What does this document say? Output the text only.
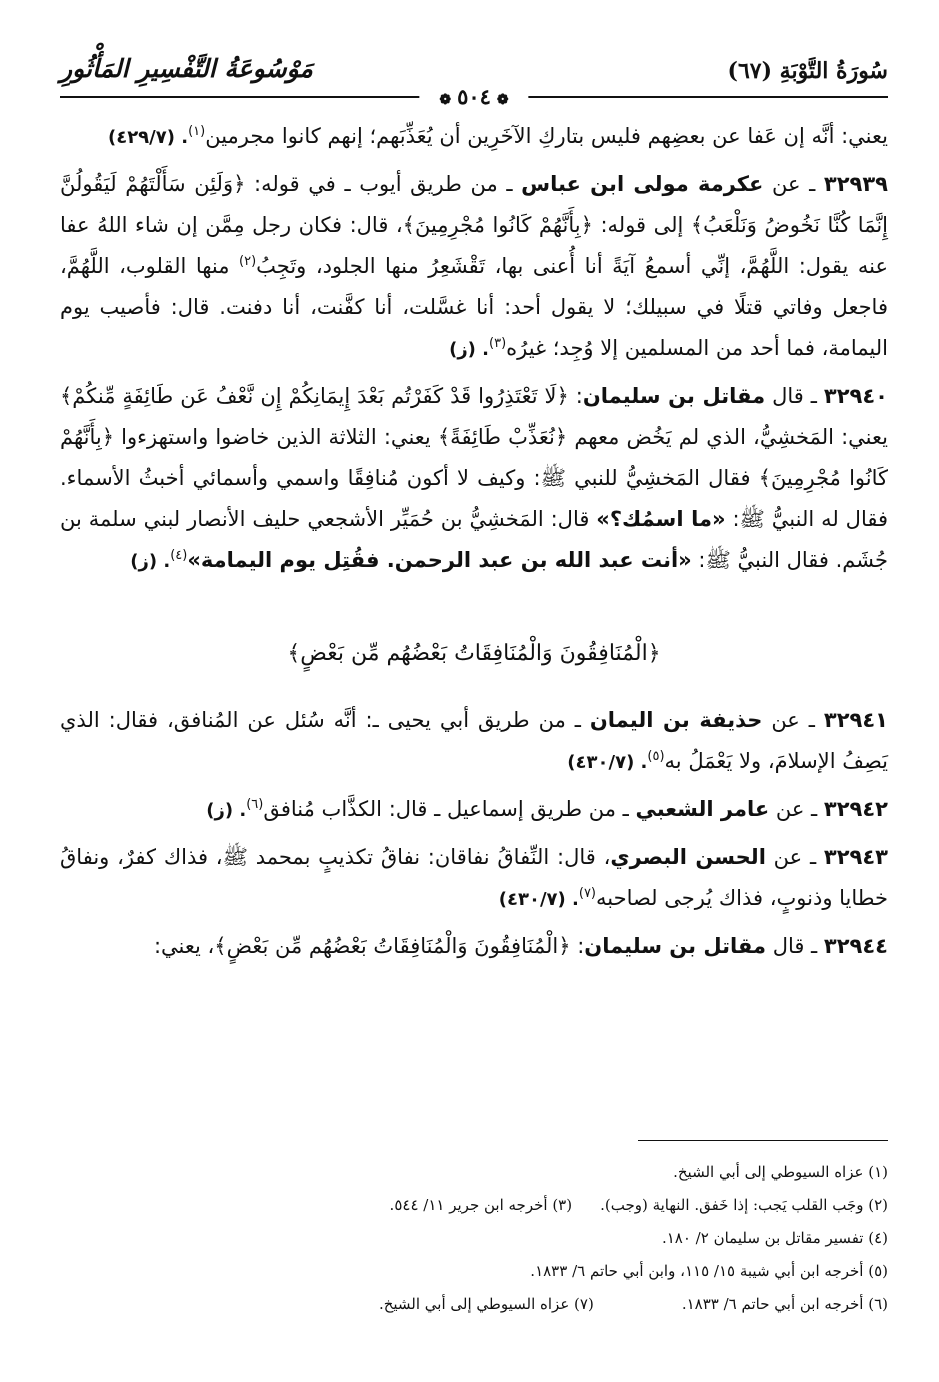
سُورَةُ التَّوْبَةِ (٦٧)
مَوْسُوعَةُ التَّفْسِيرِ المَأْثُورِ
❁٥٠٤❁

يعني: أنَّه إن عَفا عن بعضِهم فليس بتاركِ الآخَرِين أن يُعَذِّبَهم؛ إنهم كانوا مجرمين$^{(١)}$. (٤٢٩/٧)

٣٢٩٣٩ ـ عن عكرمة مولى ابن عباس ـ من طريق أيوب ـ في قوله: ﴿وَلَئِن سَأَلْتَهُمْ لَيَقُولُنَّ إِنَّمَا كُنَّا نَخُوضُ وَنَلْعَبُ﴾ إلى قوله: ﴿بِأَنَّهُمْ كَانُوا مُجْرِمِينَ﴾، قال: فكان رجل مِمَّن إن شاء اللهُ عفا عنه يقول: اللَّهُمَّ، إنِّي أسمعُ آيَةً أنا أُعنى بها، تَقْشَعِرُ منها الجلود، وتَجِبُ$^{(٢)}$ منها القلوب، اللَّهُمَّ، فاجعل وفاتي قتلًا في سبيلك؛ لا يقول أحد: أنا غسَّلت، أنا كفَّنت، أنا دفنت. قال: فأصيب يوم اليمامة، فما أحد من المسلمين إلا وُجِد؛ غيرُه$^{(٣)}$. (ز)

٣٢٩٤٠ ـ قال مقاتل بن سليمان: ﴿لَا تَعْتَذِرُوا قَدْ كَفَرْتُم بَعْدَ إِيمَانِكُمْ إِن نَّعْفُ عَن طَائِفَةٍ مِّنكُمْ﴾ يعني: المَخشِيُّ، الذي لم يَخُض معهم ﴿نُعَذِّبْ طَائِفَةً﴾ يعني: الثلاثة الذين خاضوا واستهزءوا ﴿بِأَنَّهُمْ كَانُوا مُجْرِمِينَ﴾ فقال المَخشِيُّ للنبي ﷺ: وكيف لا أكون مُنافِقًا واسمي وأسمائي أخبثُ الأسماء. فقال له النبيُّ ﷺ: «ما اسمُك؟» قال: المَخشِيُّ بن حُمَيِّر الأشجعي حليف الأنصار لبني سلمة بن جُشَم. فقال النبيُّ ﷺ: «أنت عبد الله بن عبد الرحمن. فقُتِل يوم اليمامة»$^{(٤)}$. (ز)

﴿الْمُنَافِقُونَ وَالْمُنَافِقَاتُ بَعْضُهُم مِّن بَعْضٍ﴾

٣٢٩٤١ ـ عن حذيفة بن اليمان ـ من طريق أبي يحيى ـ: أنَّه سُئل عن المُنافق، فقال: الذي يَصِفُ الإسلامَ، ولا يَعْمَلُ به$^{(٥)}$. (٤٣٠/٧)

٣٢٩٤٢ ـ عن عامر الشعبي ـ من طريق إسماعيل ـ قال: الكذَّاب مُنافق$^{(٦)}$. (ز)

٣٢٩٤٣ ـ عن الحسن البصري، قال: النِّفاقُ نفاقان: نفاقُ تكذيبٍ بمحمد ﷺ، فذاك كفرٌ، ونفاقُ خطايا وذنوبٍ، فذاك يُرجى لصاحبه$^{(٧)}$. (٤٣٠/٧)

٣٢٩٤٤ ـ قال مقاتل بن سليمان: ﴿الْمُنَافِقُونَ وَالْمُنَافِقَاتُ بَعْضُهُم مِّن بَعْضٍ﴾، يعني:

(١) عزاه السيوطي إلى أبي الشيخ.
(٢) وجَب القلب يَجب: إذا خَفق. النهاية (وجب).(٣) أخرجه ابن جرير ١١/ ٥٤٤.
(٤) تفسير مقاتل بن سليمان ٢/ ١٨٠.
(٥) أخرجه ابن أبي شيبة ١٥/ ١١٥، وابن أبي حاتم ٦/ ١٨٣٣.
(٦) أخرجه ابن أبي حاتم ٦/ ١٨٣٣.(٧) عزاه السيوطي إلى أبي الشيخ.
